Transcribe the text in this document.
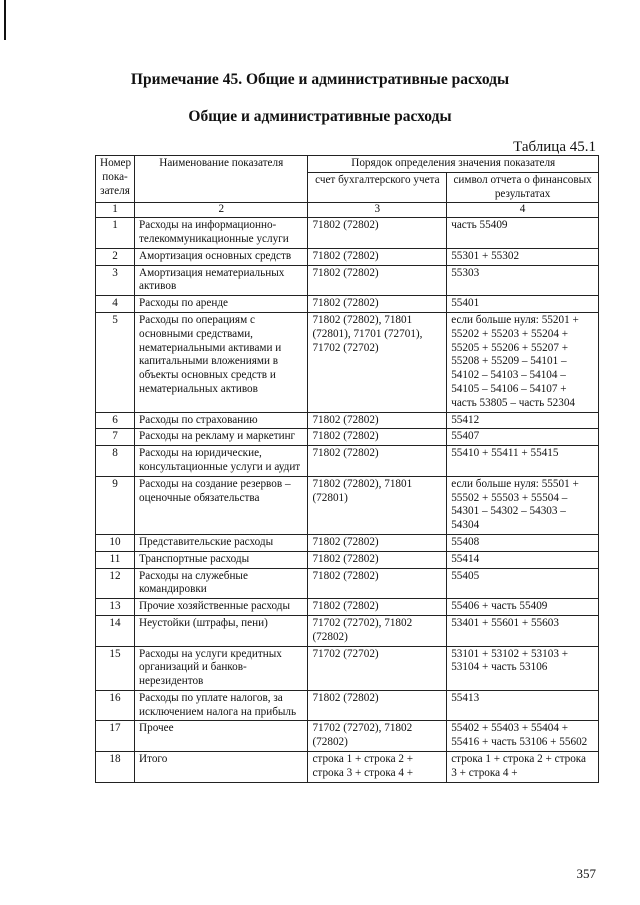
Примечание 45. Общие и административные расходы
Общие и административные расходы
Таблица 45.1
Номер пока-зателя	Наименование показателя	Порядок определения значения показателя	
		счет бухгалтерского учета	символ отчета о финансовых результатах
1	2	3	4
1	Расходы на информационно-телекоммуникационные услуги	71802 (72802)	часть 55409
2	Амортизация основных средств	71802 (72802)	55301 + 55302
3	Амортизация нематериальных активов	71802 (72802)	55303
4	Расходы по аренде	71802 (72802)	55401
5	Расходы по операциям с основными средствами, нематериальными активами и капитальными вложениями в объекты основных средств и нематериальных активов	71802 (72802), 71801 (72801), 71701 (72701), 71702 (72702)	если больше нуля: 55201 + 55202 + 55203 + 55204 + 55205 + 55206 + 55207 + 55208 + 55209 – 54101 – 54102 – 54103 – 54104 – 54105 – 54106 – 54107 + часть 53805 – часть 52304
6	Расходы по страхованию	71802 (72802)	55412
7	Расходы на рекламу и маркетинг	71802 (72802)	55407
8	Расходы на юридические, консультационные услуги и аудит	71802 (72802)	55410 + 55411 + 55415
9	Расходы на создание резервов – оценочные обязательства	71802 (72802), 71801 (72801)	если больше нуля: 55501 + 55502 + 55503 + 55504 – 54301 – 54302 – 54303 – 54304
10	Представительские расходы	71802 (72802)	55408
11	Транспортные расходы	71802 (72802)	55414
12	Расходы на служебные командировки	71802 (72802)	55405
13	Прочие хозяйственные расходы	71802 (72802)	55406 + часть 55409
14	Неустойки (штрафы, пени)	71702 (72702), 71802 (72802)	53401 + 55601 + 55603
15	Расходы на услуги кредитных организаций и банков-нерезидентов	71702 (72702)	53101 + 53102 + 53103 + 53104 + часть 53106
16	Расходы по уплате налогов, за исключением налога на прибыль	71802 (72802)	55413
17	Прочее	71702 (72702), 71802 (72802)	55402 + 55403 + 55404 + 55416 + часть 53106 + 55602
18	Итого	строка 1 + строка 2 + строка 3 + строка 4 +	строка 1 + строка 2 + строка 3 + строка 4 +
357
